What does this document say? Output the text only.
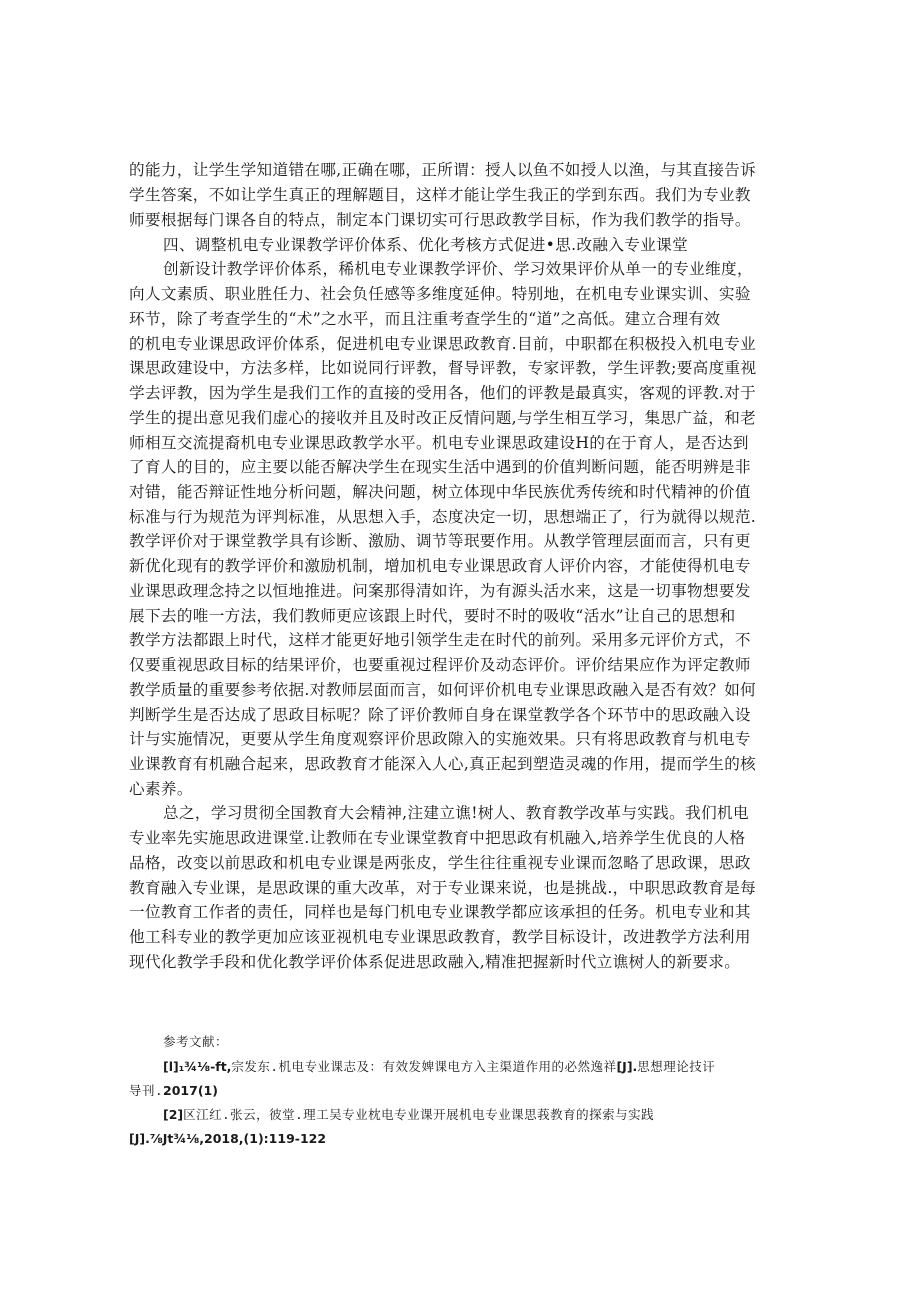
的能力，让学生学知道错在哪,正确在哪，正所谓：授人以鱼不如授人以渔，与其直接告诉
学生答案，不如让学生真正的理解题目，这样才能让学生我正的学到东西。我们为专业教
师要根据每门课各自的特点，制定本门课切实可行思政教学目标，作为我们教学的指导。
四、调整机电专业课教学评价体系、优化考核方式促进•思.改融入专业课堂
创新设计教学评价体系，稀机电专业课教学评价、学习效果评价从单一的专业维度，
向人文素质、职业胜任力、社会负任感等多维度延伸。特别地，在机电专业课实训、实验
环节，除了考查学生的“术”之水平，而且注重考查学生的“道”之高低。建立合理有效
的机电专业课思政评价体系，促进机电专业课思政教育.目前，中职都在积极投入机电专业
课思政建设中，方法多样，比如说同行评教，督导评教，专家评教，学生评教;要高度重视
学去评教，因为学生是我们工作的直接的受用各，他们的评教是最真实，客观的评教.对于
学生的提出意见我们虚心的接收并且及时改正反情问题,与学生相互学习，集思广益，和老
师相互交流提裔机电专业课思政教学水平。机电专业课思政建设H的在于育人，是否达到
了育人的目的，应主要以能否解决学生在现实生活中遇到的价值判断问题，能否明辨是非
对错，能否辩证性地分析问题，解决问题，树立体现中华民族优秀传统和时代精神的价值
标准与行为规范为评判标准，从思想入手，态度决定一切，思想端正了，行为就得以规范.
教学评价对于课堂教学具有诊断、激励、调节等珉要作用。从教学管理层面而言，只有更
新优化现有的教学评价和激励机制，增加机电专业课思政育人评价内容，才能使得机电专
业课思政理念持之以恒地推进。问案那得清如许，为有源头活水来，这是一切事物想要发
展下去的唯一方法，我们教师更应该跟上时代，要时不时的吸收“活水”让自己的思想和
教学方法都跟上时代，这样才能更好地引领学生走在时代的前列。采用多元评价方式，不
仅要重视思政目标的结果评价，也要重视过程评价及动态评价。评价结果应作为评定教师
教学质量的重要参考依据.对教师层面而言，如何评价机电专业课思政融入是否有效？如何
判断学生是否达成了思政目标呢？除了评价教师自身在课堂教学各个环节中的思政融入设
计与实施情况，更要从学生角度观察评价思政隙入的实施效果。只有将思政教育与机电专
业课教育有机融合起来，思政教育才能深入人心,真正起到塑造灵魂的作用，提而学生的核
心素养。
总之，学习贯彻全国教育大会精神,注建立谯!树人、教育教学改革与实践。我们机电
专业率先实施思政进课堂.让教师在专业课堂教育中把思政有机融入,培养学生优良的人格
品格，改变以前思政和机电专业课是两张皮，学生往往重视专业课而忽略了思政课，思政
教育融入专业课，是思政课的重大改革，对于专业课来说，也是挑战.，中职思政教育是每
一位教育工作者的责任，同样也是每门机电专业课教学都应该承担的任务。机电专业和其
他工科专业的教学更加应该亚视机电专业课思政教育，教学目标设计，改进教学方法利用
现代化教学手段和优化教学评价体系促进思政融入,精准把握新时代立谯树人的新要求。
参考文献：
[l]₁¾⅛-ft,宗发东.机电专业课志及：有效发婢课电方入主渠道作用的必然逸祥[J].思想理论技讦
导刊.2017(1)
[2]区江红.张云，彼堂.理工吴专业枕电专业课开展机电专业课思莪教育的探索与实践
[J].⅞Jt¾⅛,2018,(1):119-122
